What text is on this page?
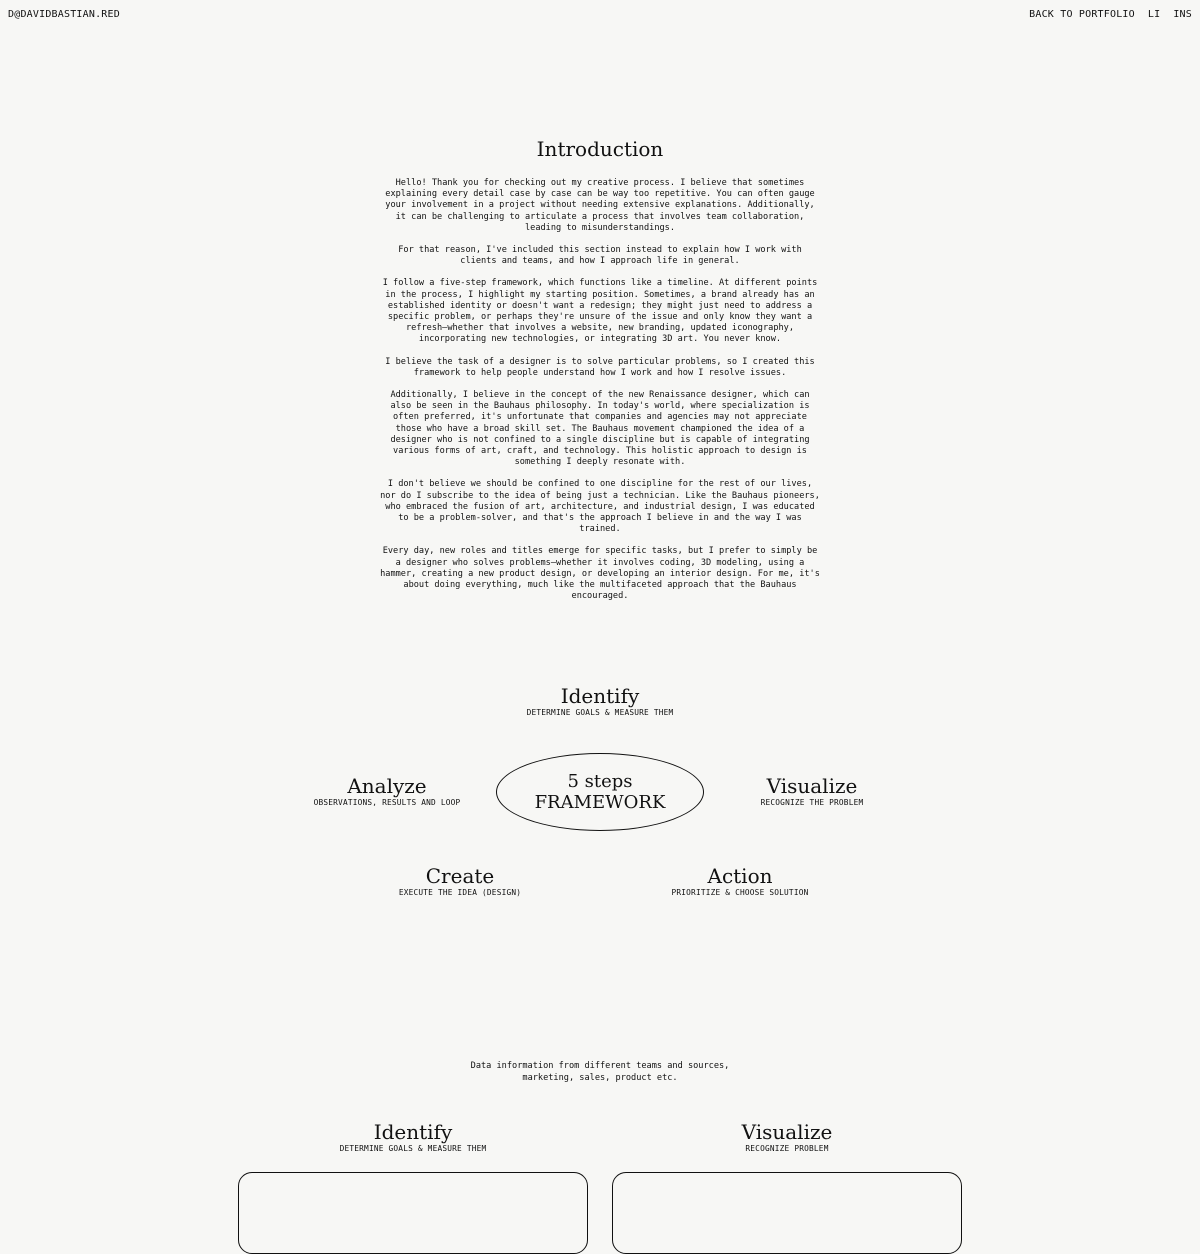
D@DAVIDBASTIAN.RED	BACK TO PORTFOLIO LI INS
Introduction

Hello! Thank you for checking out my creative process. I believe that sometimes explaining every detail case by case can be way too repetitive. You can often gauge your involvement in a project without needing extensive explanations. Additionally, it can be challenging to articulate a process that involves team collaboration, leading to misunderstandings.

For that reason, I've included this section instead to explain how I work with clients and teams, and how I approach life in general.

I follow a five-step framework, which functions like a timeline. At different points in the process, I highlight my starting position. Sometimes, a brand already has an established identity or doesn't want a redesign; they might just need to address a specific problem, or perhaps they're unsure of the issue and only know they want a refresh—whether that involves a website, new branding, updated iconography, incorporating new technologies, or integrating 3D art. You never know.

I believe the task of a designer is to solve particular problems, so I created this framework to help people understand how I work and how I resolve issues.

Additionally, I believe in the concept of the new Renaissance designer, which can also be seen in the Bauhaus philosophy. In today's world, where specialization is often preferred, it's unfortunate that companies and agencies may not appreciate those who have a broad skill set. The Bauhaus movement championed the idea of a designer who is not confined to a single discipline but is capable of integrating various forms of art, craft, and technology. This holistic approach to design is something I deeply resonate with.

I don't believe we should be confined to one discipline for the rest of our lives, nor do I subscribe to the idea of being just a technician. Like the Bauhaus pioneers, who embraced the fusion of art, architecture, and industrial design, I was educated to be a problem-solver, and that's the approach I believe in and the way I was trained.

Every day, new roles and titles emerge for specific tasks, but I prefer to simply be a designer who solves problems—whether it involves coding, 3D modeling, using a hammer, creating a new product design, or developing an interior design. For me, it's about doing everything, much like the multifaceted approach that the Bauhaus encouraged.

Identify
DETERMINE GOALS & MEASURE THEM
Analyze
OBSERVATIONS, RESULTS AND LOOP
5 steps
FRAMEWORK
Visualize
RECOGNIZE THE PROBLEM
Create
EXECUTE THE IDEA (DESIGN)
Action
PRIORITIZE & CHOOSE SOLUTION
Data information from different teams and sources,
marketing, sales, product etc.
Identify
DETERMINE GOALS & MEASURE THEM
Visualize
RECOGNIZE PROBLEM
